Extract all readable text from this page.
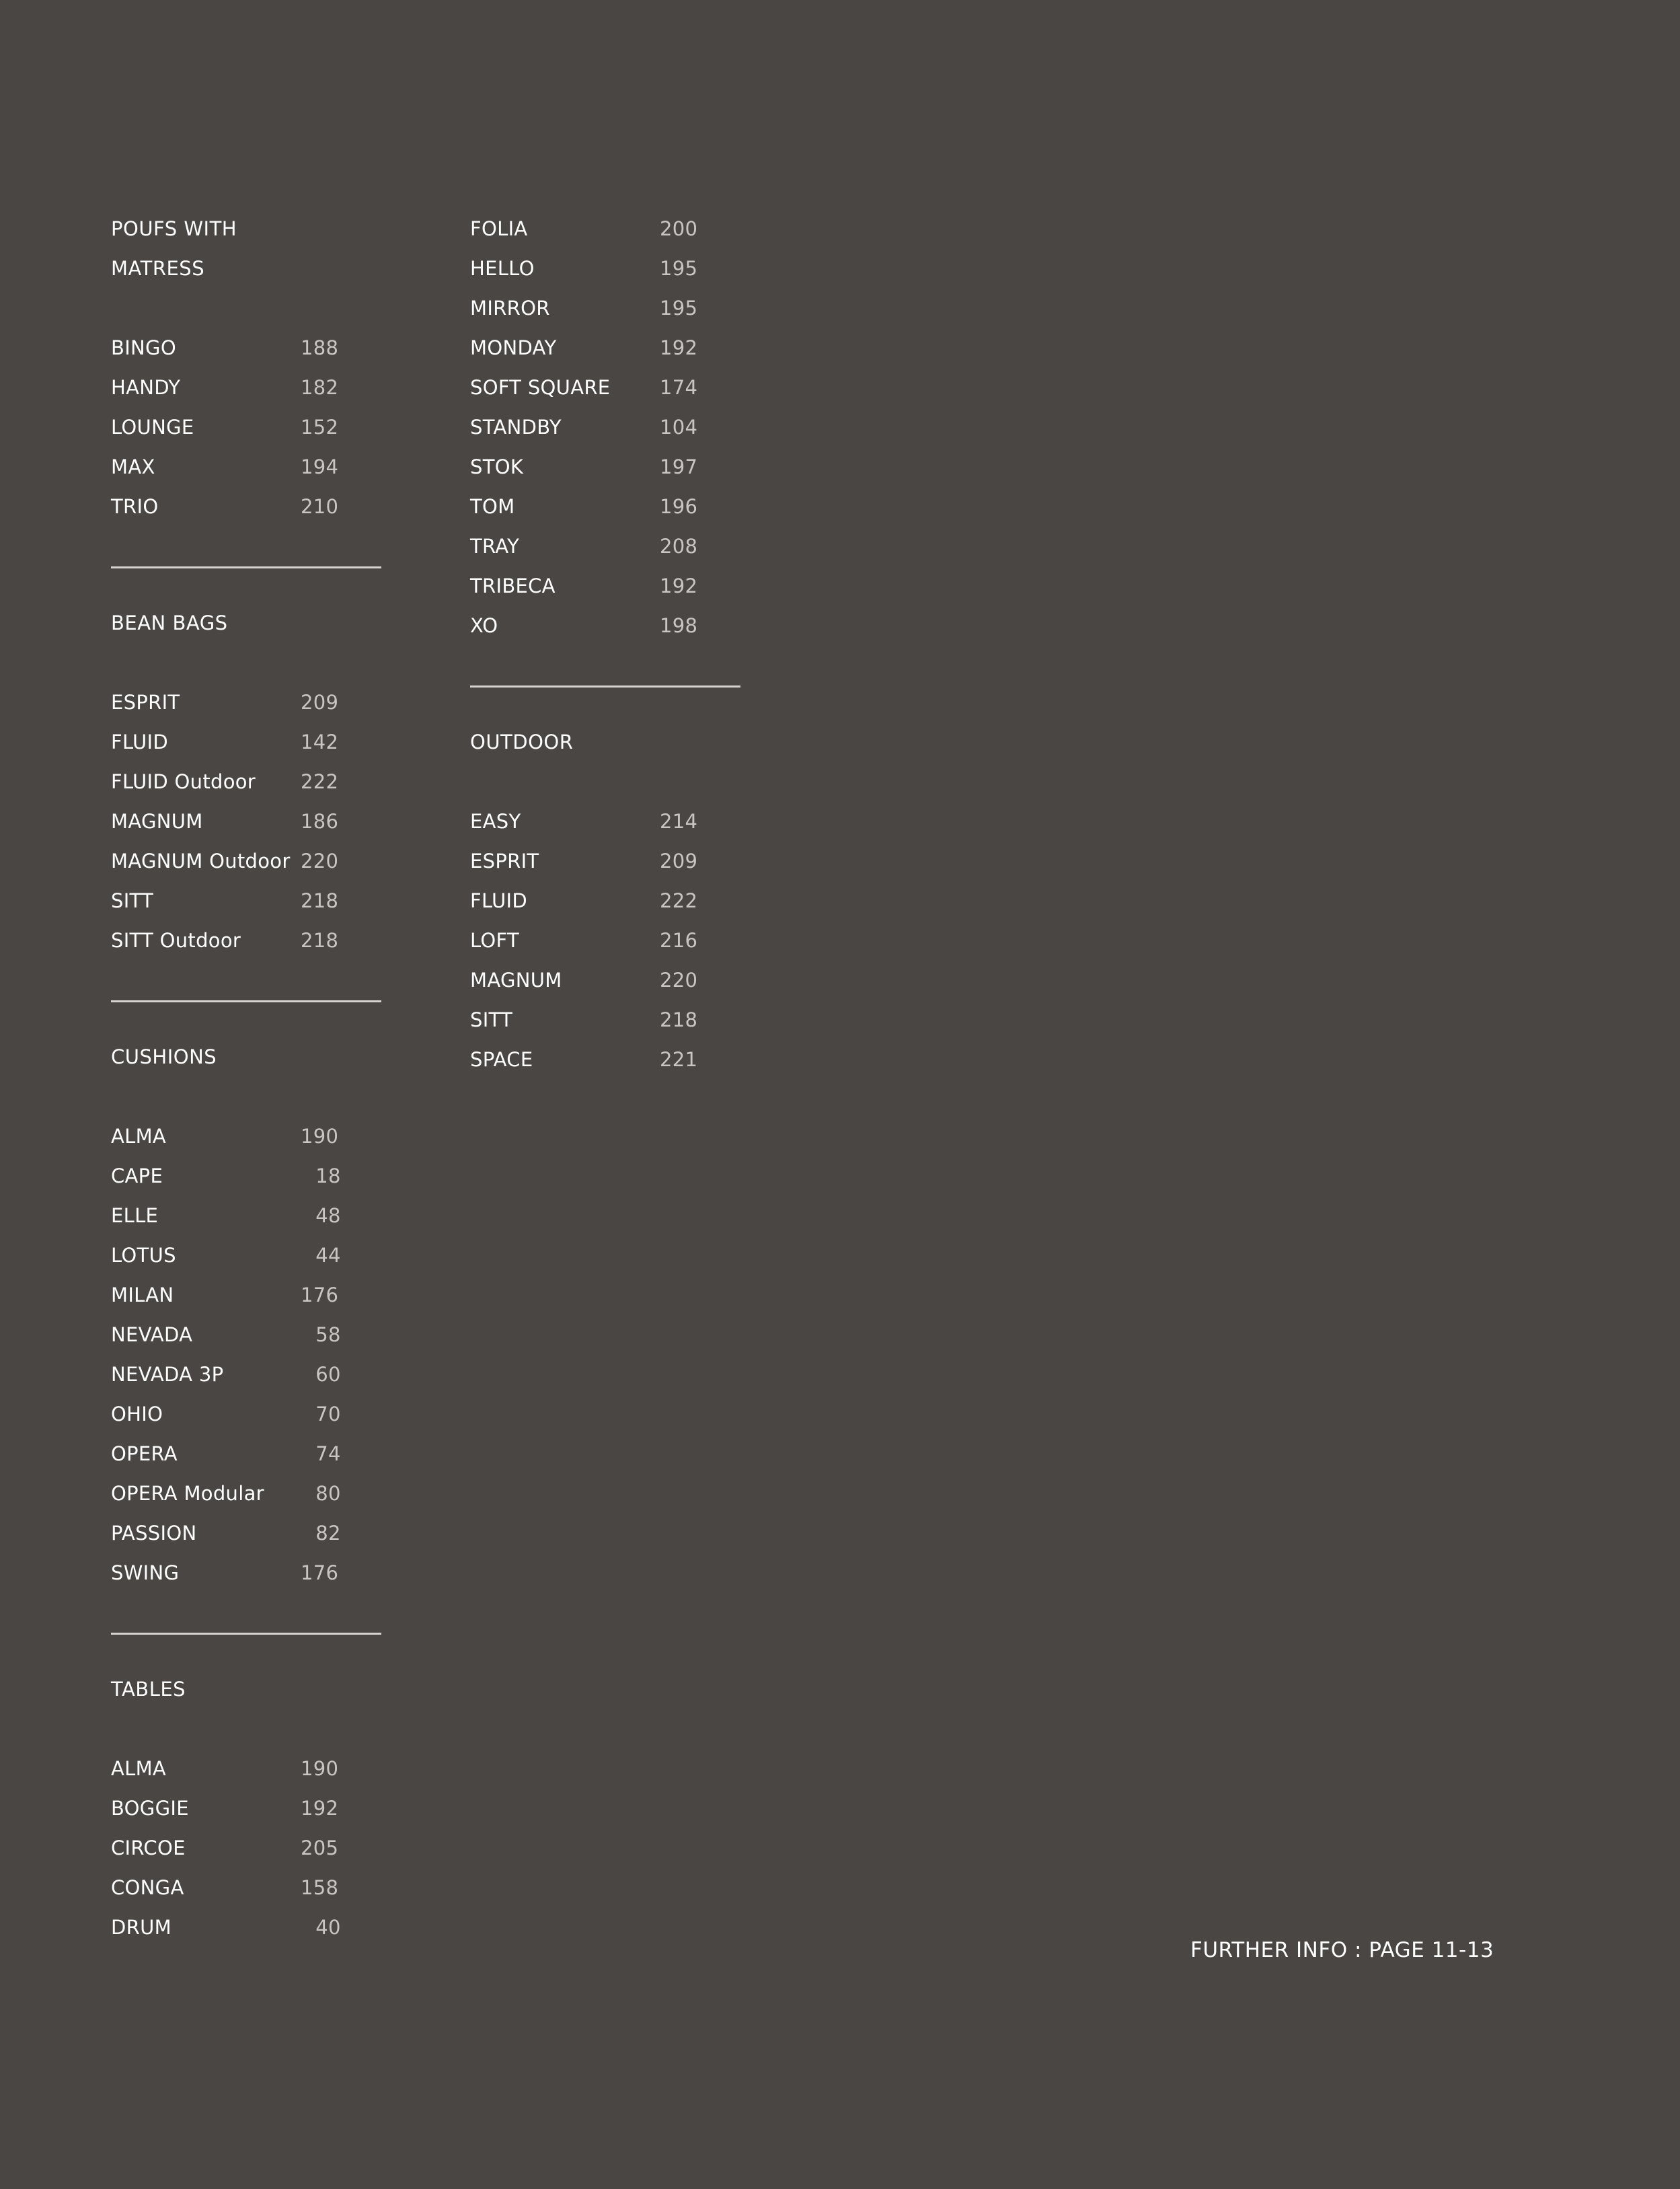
POUFS WITH
MATRESS
BINGO	188
HANDY	182
LOUNGE	152
MAX	194
TRIO	210
BEAN BAGS
ESPRIT	209
FLUID	142
FLUID Outdoor 222
MAGNUM	186
MAGNUM Outdoor 220
SITT	218
SITT Outdoor	218
CUSHIONS
ALMA	190
CAPE	18
ELLE	48
LOTUS	44
MILAN	176
NEVADA	58
NEVADA 3P	60
OHIO	70
OPERA	74
OPERA Modular	80
PASSION	82
SWING	176
TABLES
ALMA	190
BOGGIE	192
CIRCOE	205
CONGA	158
DRUM	40
FOLIA	200
HELLO	195
MIRROR	195
MONDAY	192
SOFT SQUARE	174
STANDBY	104
STOK	197
TOM	196
TRAY	208
TRIBECA	192
XO	198
OUTDOOR
EASY	214
ESPRIT	209
FLUID	222
LOFT	216
MAGNUM	220
SITT	218
SPACE	221
FURTHER INFO : PAGE 11-13
